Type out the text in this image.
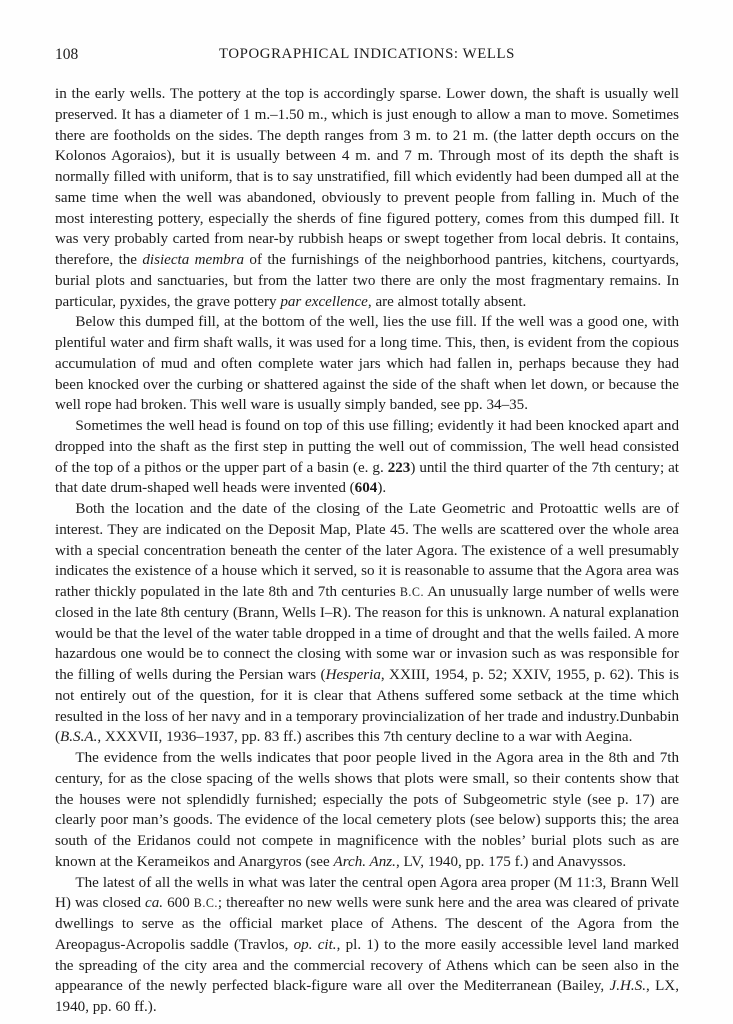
108	TOPOGRAPHICAL INDICATIONS: WELLS

in the early wells. The pottery at the top is accordingly sparse. Lower down, the shaft is usually well preserved. It has a diameter of 1 m.–1.50 m., which is just enough to allow a man to move. Sometimes there are footholds on the sides. The depth ranges from 3 m. to 21 m. (the latter depth occurs on the Kolonos Agoraios), but it is usually between 4 m. and 7 m. Through most of its depth the shaft is normally filled with uniform, that is to say unstratified, fill which evidently had been dumped all at the same time when the well was abandoned, obviously to prevent people from falling in. Much of the most interesting pottery, especially the sherds of fine figured pottery, comes from this dumped fill. It was very probably carted from near-by rubbish heaps or swept together from local debris. It contains, therefore, the disiecta membra of the furnishings of the neighborhood pantries, kitchens, courtyards, burial plots and sanctuaries, but from the latter two there are only the most fragmentary remains. In particular, pyxides, the grave pottery par excellence, are almost totally absent.

Below this dumped fill, at the bottom of the well, lies the use fill. If the well was a good one, with plentiful water and firm shaft walls, it was used for a long time. This, then, is evident from the copious accumulation of mud and often complete water jars which had fallen in, perhaps because they had been knocked over the curbing or shattered against the side of the shaft when let down, or because the well rope had broken. This well ware is usually simply banded, see pp. 34–35.

Sometimes the well head is found on top of this use filling; evidently it had been knocked apart and dropped into the shaft as the first step in putting the well out of commission, The well head consisted of the top of a pithos or the upper part of a basin (e. g. 223) until the third quarter of the 7th century; at that date drum-shaped well heads were invented (604).

Both the location and the date of the closing of the Late Geometric and Protoattic wells are of interest. They are indicated on the Deposit Map, Plate 45. The wells are scattered over the whole area with a special concentration beneath the center of the later Agora. The existence of a well presumably indicates the existence of a house which it served, so it is reasonable to assume that the Agora area was rather thickly populated in the late 8th and 7th centuries B.C. An unusually large number of wells were closed in the late 8th century (Brann, Wells I–R). The reason for this is unknown. A natural explanation would be that the level of the water table dropped in a time of drought and that the wells failed. A more hazardous one would be to connect the closing with some war or invasion such as was responsible for the filling of wells during the Persian wars (Hesperia, XXIII, 1954, p. 52; XXIV, 1955, p. 62). This is not entirely out of the question, for it is clear that Athens suffered some setback at the time which resulted in the loss of her navy and in a temporary provincialization of her trade and industry.Dunbabin (B.S.A., XXXVII, 1936–1937, pp. 83 ff.) ascribes this 7th century decline to a war with Aegina.

The evidence from the wells indicates that poor people lived in the Agora area in the 8th and 7th century, for as the close spacing of the wells shows that plots were small, so their contents show that the houses were not splendidly furnished; especially the pots of Subgeometric style (see p. 17) are clearly poor man’s goods. The evidence of the local cemetery plots (see below) supports this; the area south of the Eridanos could not compete in magnificence with the nobles’ burial plots such as are known at the Kerameikos and Anargyros (see Arch. Anz., LV, 1940, pp. 175 f.) and Anavyssos.

The latest of all the wells in what was later the central open Agora area proper (M 11:3, Brann Well H) was closed ca. 600 B.C.; thereafter no new wells were sunk here and the area was cleared of private dwellings to serve as the official market place of Athens. The descent of the Agora from the Areopagus-Acropolis saddle (Travlos, op. cit., pl. 1) to the more easily accessible level land marked the spreading of the city area and the commercial recovery of Athens which can be seen also in the appearance of the newly perfected black-figure ware all over the Mediterranean (Bailey, J.H.S., LX, 1940, pp. 60 ff.).
